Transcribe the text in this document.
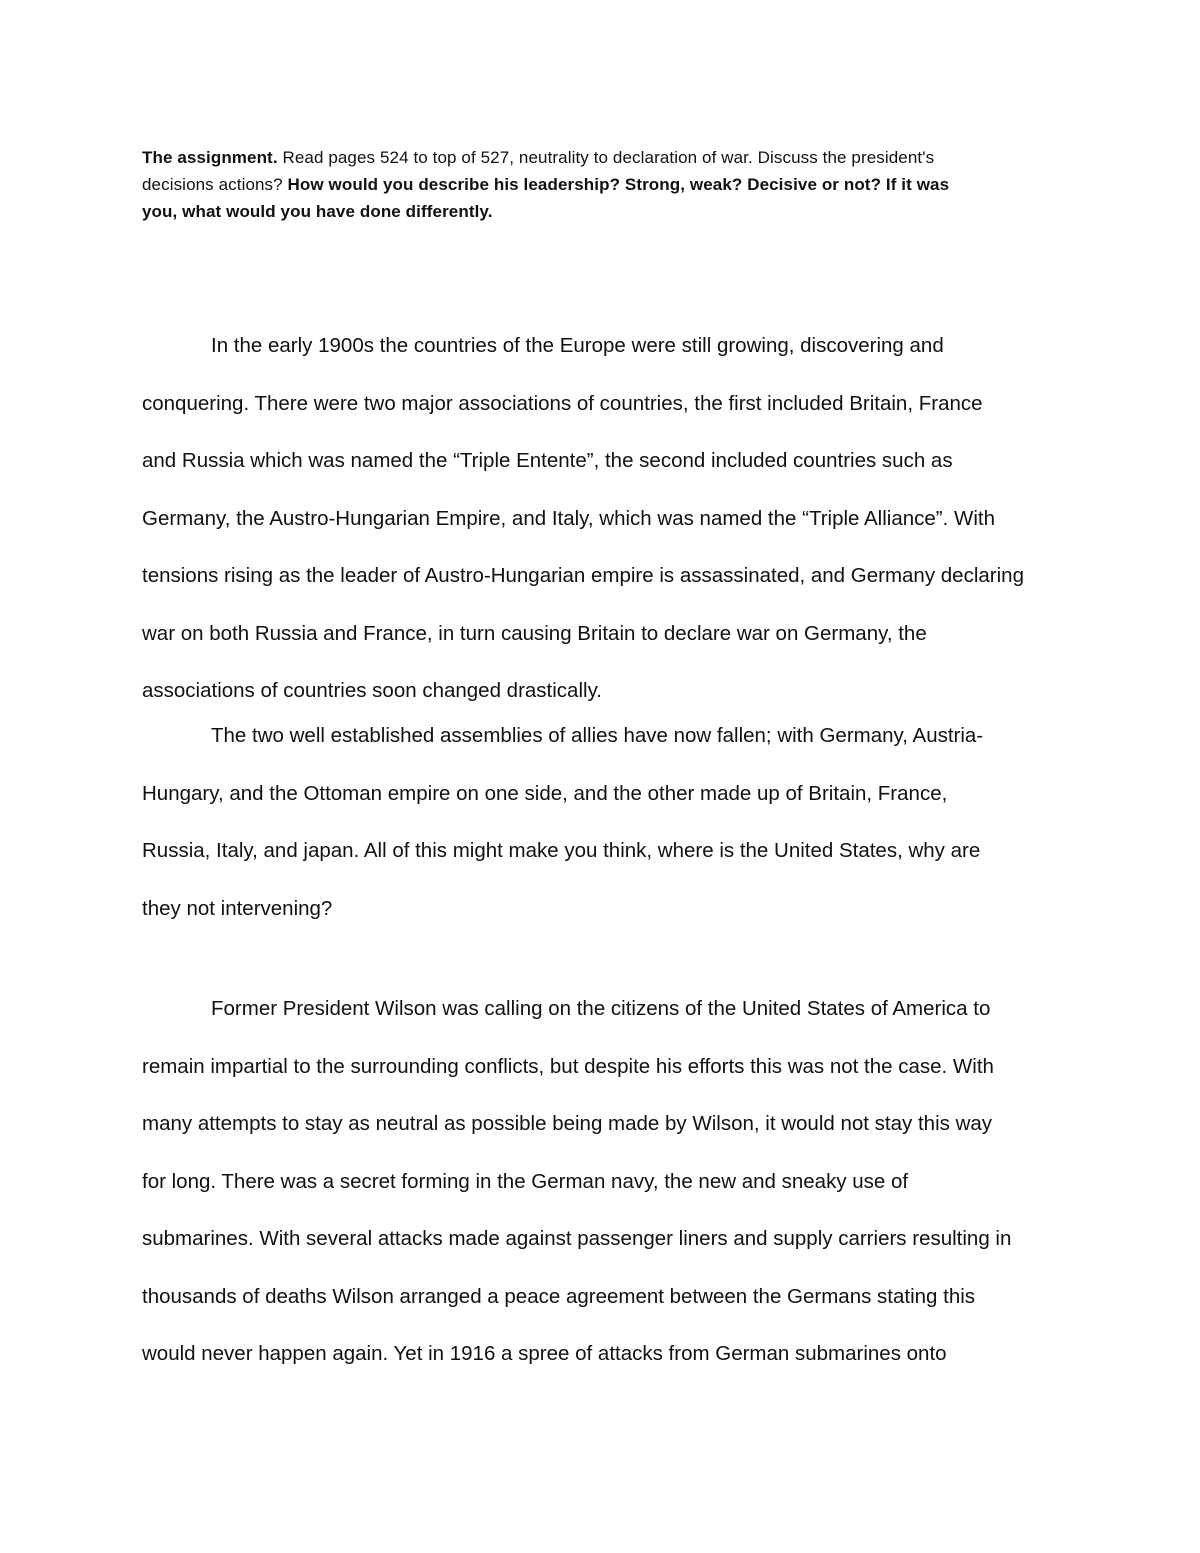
The assignment. Read pages 524 to top of 527, neutrality to declaration of war. Discuss the president's
decisions actions? How would you describe his leadership? Strong, weak? Decisive or not? If it was
you, what would you have done differently.

In the early 1900s the countries of the Europe were still growing, discovering and
conquering. There were two major associations of countries, the first included Britain, France
and Russia which was named the “Triple Entente”, the second included countries such as
Germany, the Austro-Hungarian Empire, and Italy, which was named the “Triple Alliance”. With
tensions rising as the leader of Austro-Hungarian empire is assassinated, and Germany declaring
war on both Russia and France, in turn causing Britain to declare war on Germany, the
associations of countries soon changed drastically.

The two well established assemblies of allies have now fallen; with Germany, Austria-
Hungary, and the Ottoman empire on one side, and the other made up of Britain, France,
Russia, Italy, and japan. All of this might make you think, where is the United States, why are
they not intervening?

Former President Wilson was calling on the citizens of the United States of America to
remain impartial to the surrounding conflicts, but despite his efforts this was not the case. With
many attempts to stay as neutral as possible being made by Wilson, it would not stay this way
for long. There was a secret forming in the German navy, the new and sneaky use of
submarines. With several attacks made against passenger liners and supply carriers resulting in
thousands of deaths Wilson arranged a peace agreement between the Germans stating this
would never happen again. Yet in 1916 a spree of attacks from German submarines onto
